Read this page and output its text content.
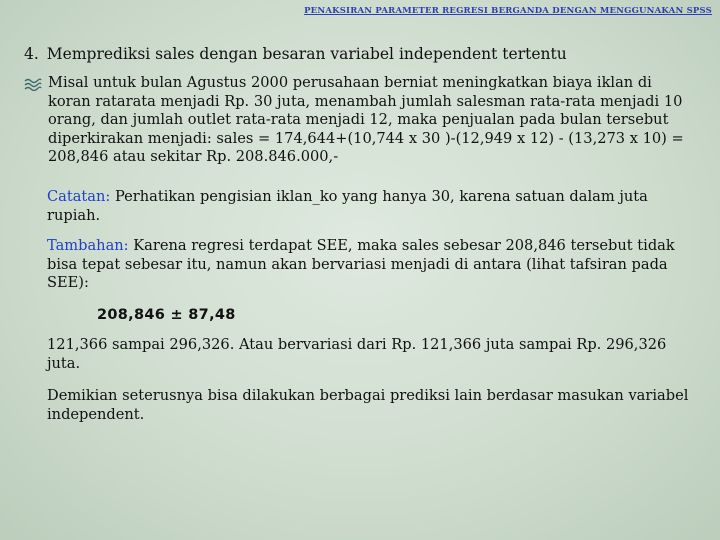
PENAKSIRAN PARAMETER REGRESI BERGANDA DENGAN MENGGUNAKAN SPSS
4. Memprediksi sales dengan besaran variabel independent tertentu
Misal untuk bulan Agustus 2000 perusahaan berniat meningkatkan biaya iklan di koran ratarata menjadi Rp. 30 juta, menambah jumlah salesman rata-rata menjadi 10 orang, dan jumlah outlet rata-rata menjadi 12, maka penjualan pada bulan tersebut diperkirakan menjadi: sales = 174,644+(10,744 x 30 )-(12,949 x 12) - (13,273 x 10) = 208,846 atau sekitar Rp. 208.846.000,-
Catatan: Perhatikan pengisian iklan_ko yang hanya 30, karena satuan dalam juta rupiah.
Tambahan: Karena regresi terdapat SEE, maka sales sebesar 208,846 tersebut tidak bisa tepat sebesar itu, namun akan bervariasi menjadi di antara (lihat tafsiran pada SEE):
208,846 ± 87,48
121,366 sampai 296,326. Atau bervariasi dari Rp. 121,366 juta sampai Rp. 296,326 juta.
Demikian seterusnya bisa dilakukan berbagai prediksi lain berdasar masukan variabel independent.
